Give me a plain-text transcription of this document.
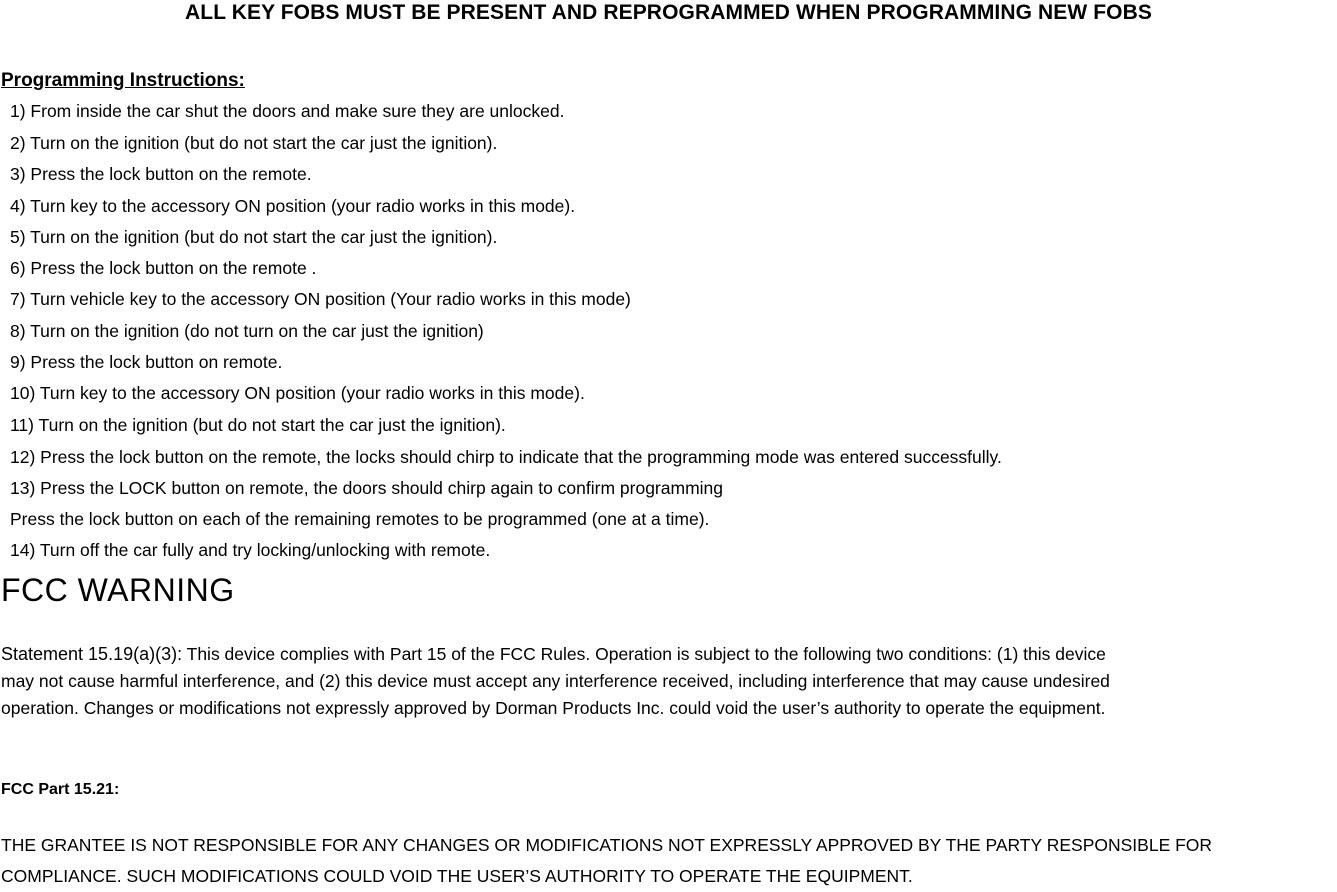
ALL KEY FOBS MUST BE PRESENT AND REPROGRAMMED WHEN PROGRAMMING NEW FOBS
Programming Instructions:
1) From inside the car shut the doors and make sure they are unlocked.
2) Turn on the ignition (but do not start the car just the ignition).
3) Press the lock button on the remote.
4) Turn key to the accessory ON position (your radio works in this mode).
5) Turn on the ignition (but do not start the car just the ignition).
6) Press the lock button on the remote .
7) Turn vehicle key to the accessory ON position (Your radio works in this mode)
8) Turn on the ignition (do not turn on the car just the ignition)
9) Press the lock button on remote.
10) Turn key to the accessory ON position (your radio works in this mode).
11) Turn on the ignition (but do not start the car just the ignition).
12) Press the lock button on the remote, the locks should chirp to indicate that the programming mode was entered successfully.
13) Press the LOCK button on remote, the doors should chirp again to confirm programming
Press the lock button on each of the remaining remotes to be programmed (one at a time).
14) Turn off the car fully and try locking/unlocking with remote.
FCC WARNING
Statement 15.19(a)(3): This device complies with Part 15 of the FCC Rules. Operation is subject to the following two conditions: (1) this device
may not cause harmful interference, and (2) this device must accept any interference received, including interference that may cause undesired
operation. Changes or modifications not expressly approved by Dorman Products Inc. could void the user’s authority to operate the equipment.
FCC Part 15.21:
THE GRANTEE IS NOT RESPONSIBLE FOR ANY CHANGES OR MODIFICATIONS NOT EXPRESSLY APPROVED BY THE PARTY RESPONSIBLE FOR
COMPLIANCE. SUCH MODIFICATIONS COULD VOID THE USER’S AUTHORITY TO OPERATE THE EQUIPMENT.
